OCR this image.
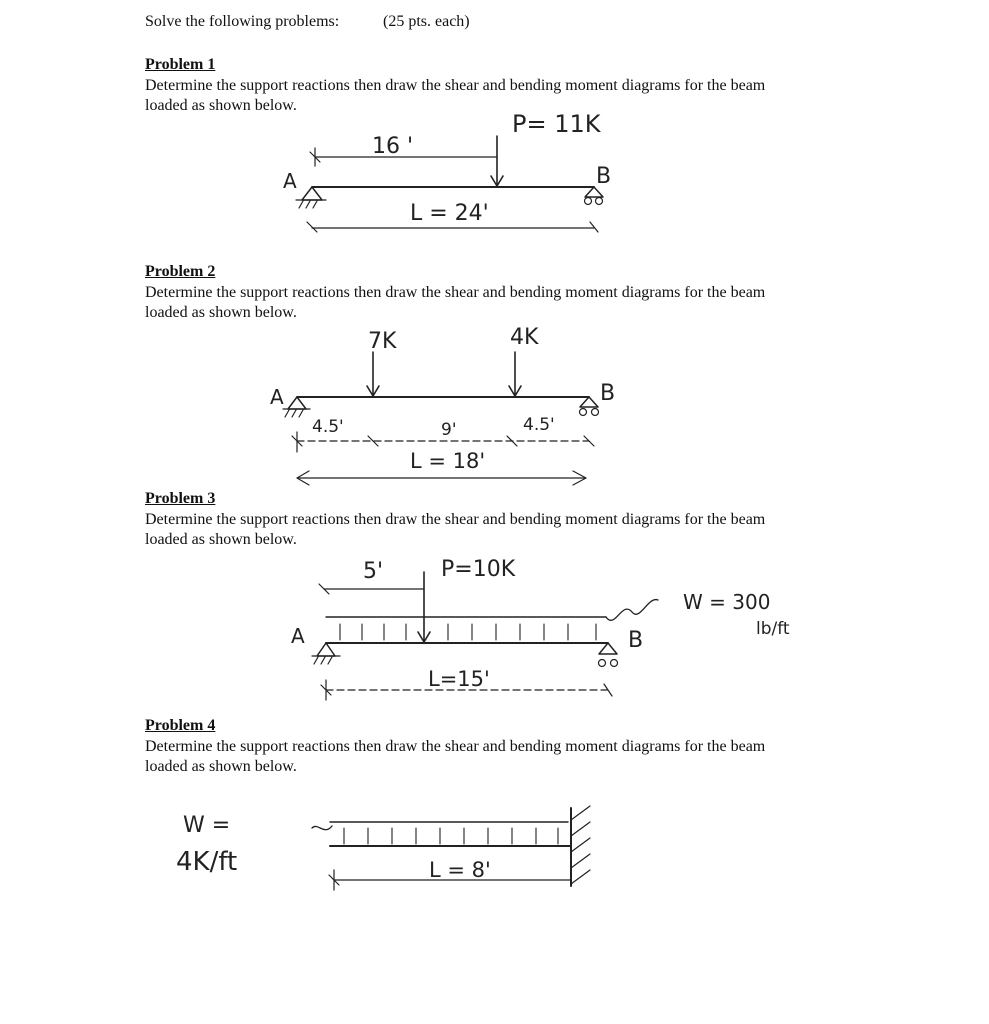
Solve the following problems:	(25 pts. each)
Problem 1
Determine the support reactions then draw the shear and bending moment diagrams for the beam
loaded as shown below.
Problem 2
Determine the support reactions then draw the shear and bending moment diagrams for the beam
loaded as shown below.
Problem 3
Determine the support reactions then draw the shear and bending moment diagrams for the beam
loaded as shown below.
Problem 4
Determine the support reactions then draw the shear and bending moment diagrams for the beam
loaded as shown below.
P= 11K
16 '
A	B
L = 24'
7K	4K
A	B
4.5'	9'	4.5'
L = 18'
5'	P=10K
W = 300
lb/ft
A	B
L=15'
W =
4K/ft	L = 8'
